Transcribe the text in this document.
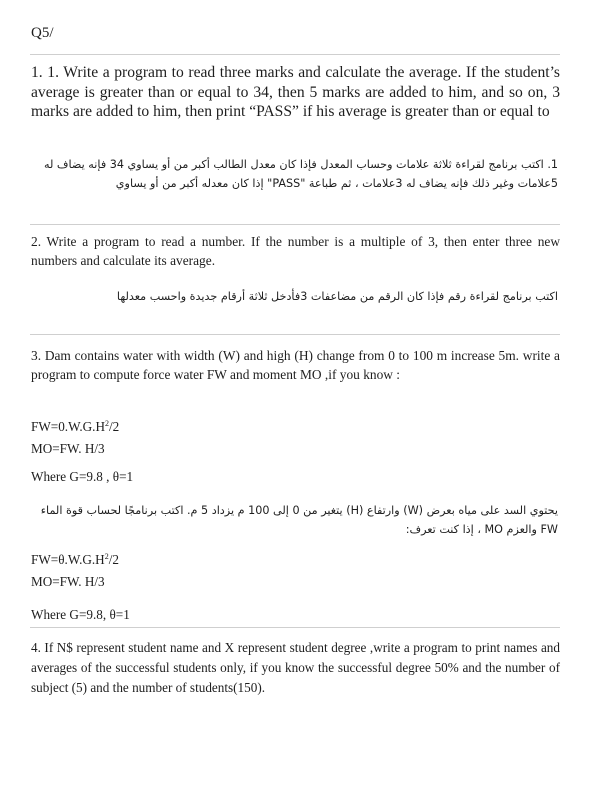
Q5/
1. 1. Write a program to read three marks and calculate the average. If the student’s average is greater than or equal to 34, then 5 marks are added to him, and so on, 3 marks are added to him, then print “PASS” if his average is greater than or equal to
1. اكتب برنامج لقراءة ثلاثة علامات وحساب المعدل فإذا كان معدل الطالب أكبر من أو يساوي 34 فإنه يضاف له 5علامات وغير ذلك فإنه يضاف له 3علامات ، ثم طباعة "PASS" إذا كان معدله أكبر من أو يساوي
2. Write a program to read a number. If the number is a multiple of 3, then enter three new numbers and calculate its average.
اكتب برنامج لقراءة رقم فإذا كان الرقم من مضاعفات 3فأدخل ثلاثة أرقام جديدة واحسب معدلها
3. Dam contains water with width (W) and high (H) change from 0 to 100 m increase 5m. write a program to compute force water FW and moment MO ,if you know :
$FW=0.W.G.H^2/2$
MO=FW. H/3
Where G=9.8 , θ=1
يحتوي السد على مياه بعرض (W) وارتفاع (H) يتغير من 0 إلى 100 م يزداد 5 م. اكتب برنامجًا لحساب قوة الماء FW والعزم MO ، إذا كنت تعرف:
$FW=\theta.W.G.H^2/2$
MO=FW. H/3
Where G=9.8, θ=1
4. If N$ represent student name and X represent student degree ,write a program to print names and averages of the successful students only, if you know the successful degree 50% and the number of subject (5) and the number of students(150).
